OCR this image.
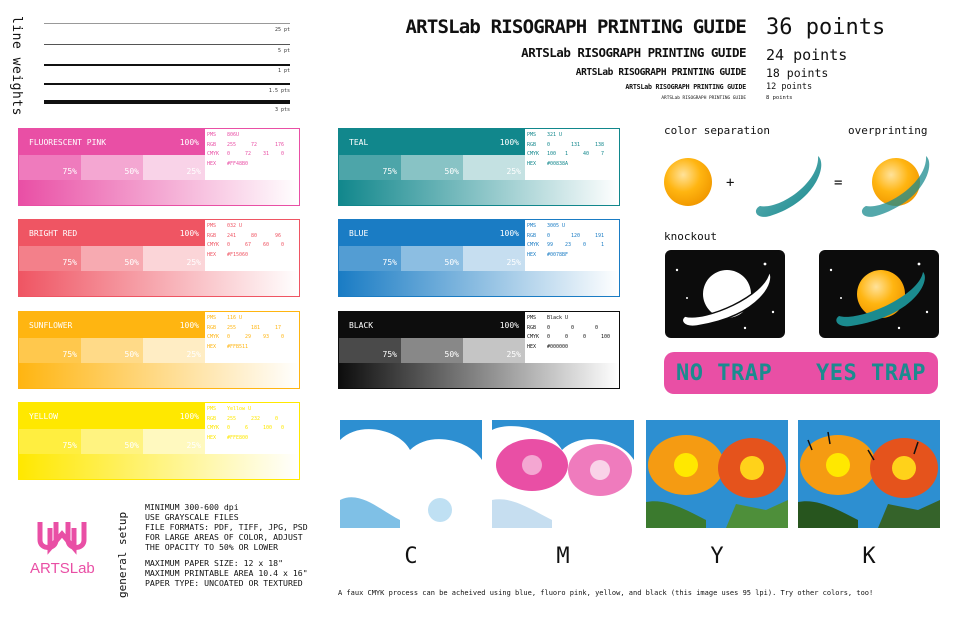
line weights	25 pt
5 pt
1 pt
1.5 pts
3 pts
ARTSLab RISOGRAPH PRINTING GUIDE 36 points
ARTSLab RISOGRAPH PRINTING GUIDE 24 points
ARTSLab RISOGRAPH PRINTING GUIDE 18 points
ARTSLab RISOGRAPH PRINTING GUIDE 12 points
ARTSLab RISOGRAPH PRINTING GUIDE	8 points
FLUORESCENT PINK	100%
75%	50%	25%
PMS	806U
RGB	255	72	176
CMYK	0	72	31	0
HEX	#FF48B0
BRIGHT RED	100%
75%	50%	25%
PMS	032 U
RGB	241	80	96
CMYK	0	67	60	0
HEX	#F15060
SUNFLOWER	100%
75%	50%	25%
PMS	116 U
RGB	255	181	17
CMYK	0	29	93	0
HEX	#FFB511
YELLOW	100%
75%	50%	25%
PMS	Yellow U
RGB	255	232	0
CMYK	0	6	100	0
HEX	#FFE800
TEAL	100%
75%	50%	25%
PMS	321 U
RGB	0	131	138
CMYK	100	1	40	7
HEX	#00838A
BLUE	100%
75%	50%	25%
PMS	3005 U
RGB	0	120	191
CMYK	99	23	0	1
HEX	#0078BF
BLACK	100%
75%	50%	25%
PMS	Black U
RGB	0	0	0
CMYK	0	0	0	100
HEX	#000000
color separation	overprinting
+	=
knockout
NO TRAP YES TRAP
C	M	Y	K
A faux CMYK process can be acheived using blue, fluoro pink, yellow, and black (this image uses 95 lpi). Try other colors, too!
ARTSLab general setup
MINIMUM 300-600 dpi
USE GRAYSCALE FILES
FILE FORMATS: PDF, TIFF, JPG, PSD
FOR LARGE AREAS OF COLOR, ADJUST
THE OPACITY TO 50% OR LOWER
MAXIMUM PAPER SIZE: 12 x 18"
MAXIMUM PRINTABLE AREA 10.4 x 16"
PAPER TYPE: UNCOATED OR TEXTURED
